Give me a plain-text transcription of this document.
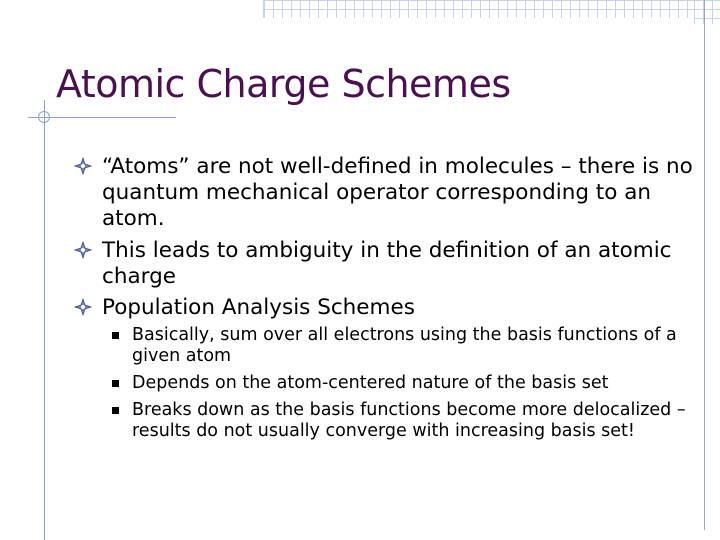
Atomic Charge Schemes
“Atoms” are not well-defined in molecules – there is no quantum mechanical operator corresponding to an atom.
This leads to ambiguity in the definition of an atomic charge
Population Analysis Schemes
Basically, sum over all electrons using the basis functions of a given atom
Depends on the atom-centered nature of the basis set
Breaks down as the basis functions become more delocalized – results do not usually converge with increasing basis set!
